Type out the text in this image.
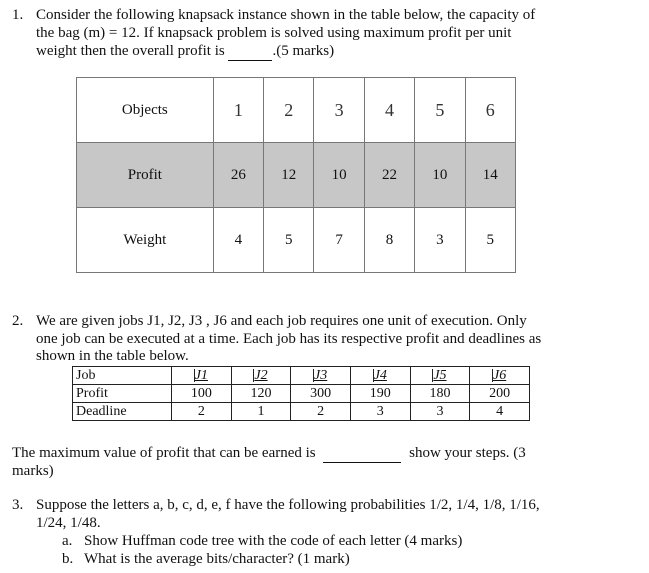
1. Consider the following knapsack instance shown in the table below, the capacity of
the bag (m) = 12. If knapsack problem is solved using maximum profit per unit
weight then the overall profit is	.(5 marks)
Objects	1	2	3	4	5	6
Profit	26	12	10	22	10	14
Weight	4	5	7	8	3	5
2. We are given jobs J1, J2, J3 , J6 and each job requires one unit of execution. Only
one job can be executed at a time. Each job has its respective profit and deadlines as
shown in the table below.
Job	J1	J2	J3	J4	J5	J6
Profit	100	120	300	190	180	200
Deadline	2	1	2	3	3	4
The maximum value of profit that can be earned is	show your steps. (3
marks)
3. Suppose the letters a, b, c, d, e, f have the following probabilities 1/2, 1/4, 1/8, 1/16,
1/24, 1/48.
a. Show Huffman code tree with the code of each letter (4 marks)
b. What is the average bits/character? (1 mark)
